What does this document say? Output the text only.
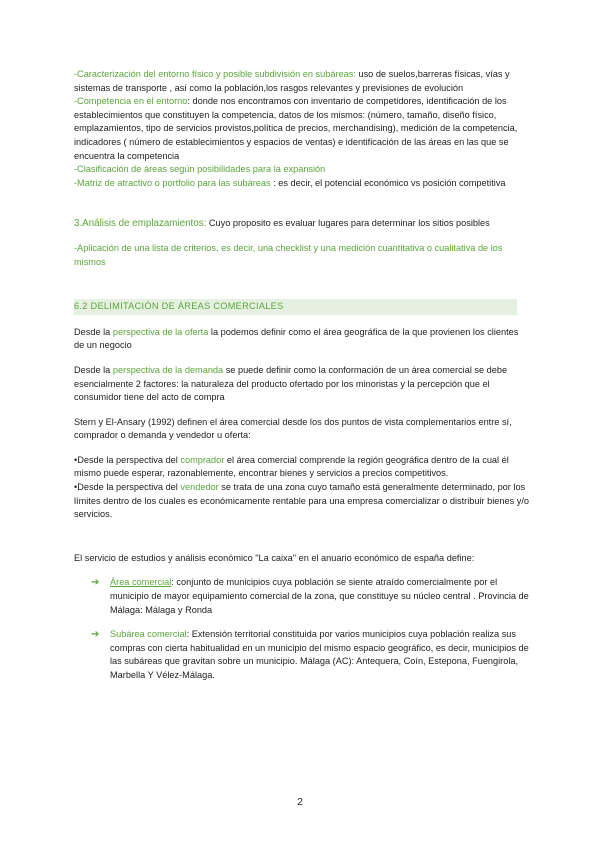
-Caracterización del entorno físico y posible subdivisión en subáreas: uso de suelos,barreras físicas, vías y sistemas de transporte , así como la población,los rasgos relevantes y previsiones de evolución

-Competencia en el entorno: donde nos encontramos con inventario de competidores, identificación de los establecimientos que constituyen la competencia, datos de los mismos: (número, tamaño, diseño físico, emplazamientos, tipo de servicios provistos,política de precios, merchandising), medición de la competencia, indicadores ( número de establecimientos y espacios de ventas) e identificación de las áreas en las que se encuentra la competencia

-Clasificación de áreas según posibilidades para la expansión

-Matriz de atractivo o portfolio para las subáreas : es decir, el potencial económico vs posición competitiva

3.Análisis de emplazamientos: Cuyo proposito es evaluar lugares para determinar los sitios posibles

-Aplicación de una lista de criterios, es decir, una checklist y una medición cuantitativa o cualitativa de los mismos

6.2 DELIMITACIÓN DE ÁREAS COMERCIALES

Desde la perspectiva de la oferta la podemos definir como el área geográfica de la que provienen los clientes de un negocio

Desde la perspectiva de la demanda se puede definir como la conformación de un área comercial se debe esencialmente 2 factores: la naturaleza del producto ofertado por los minoristas y la percepción que el consumidor tiene del acto de compra

Stern y El-Ansary (1992) definen el área comercial desde los dos puntos de vista complementarios entre sí, comprador o demanda y vendedor u oferta:

•Desde la perspectiva del comprador el área comercial comprende la región geográfica dentro de la cual él mismo puede esperar, razonablemente, encontrar bienes y servicios a precios competitivos.

•Desde la perspectiva del vendedor se trata de una zona cuyo tamaño está generalmente determinado, por los límites dentro de los cuales es económicamente rentable para una empresa comercializar o distribuir bienes y/o servicios.

El servicio de estudios y análisis económico "La caixa" en el anuario económico de españa define:

➔ Área comercial: conjunto de municipios cuya población se siente atraído comercialmente por el municipio de mayor equipamiento comercial de la zona, que constituye su núcleo central . Provincia de Málaga: Málaga y Ronda

➔ Subárea comercial: Extensión territorial constituida por varios municipios cuya población realiza sus compras con cierta habitualidad en un municipio del mismo espacio geográfico, es decir, municipios de las subáreas que gravitan sobre un municipio. Málaga (AC): Antequera, Coín, Estepona, Fuengirola, Marbella Y Vélez-Málaga.

2
